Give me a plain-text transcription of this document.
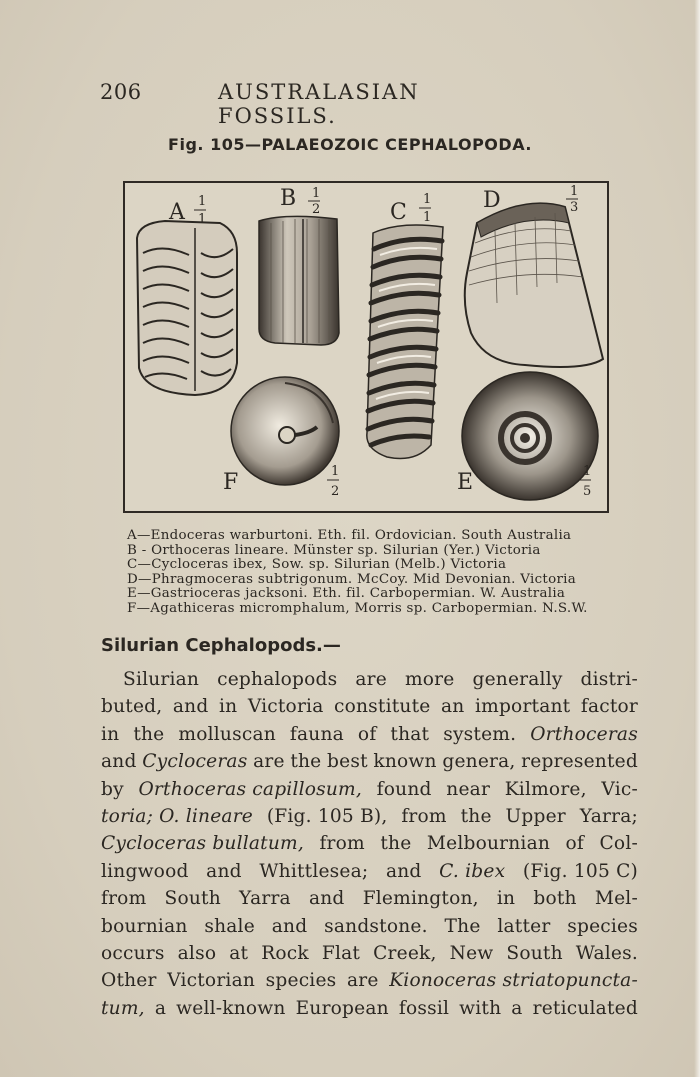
206	AUSTRALASIAN FOSSILS.
Fig. 105—PALAEOZOIC CEPHALOPODA.
A 1
1
B 1
2	C
1
1
D	1
3
F	1
2	E	1
5
A—Endoceras warburtoni. Eth. fil. Ordovician. South Australia
B - Orthoceras lineare. Münster sp. Silurian (Yer.) Victoria
C—Cycloceras ibex, Sow. sp. Silurian (Melb.) Victoria
D—Phragmoceras subtrigonum. McCoy. Mid Devonian. Victoria
E—Gastrioceras jacksoni. Eth. fil. Carbopermian. W. Australia
F—Agathiceras micromphalum, Morris sp. Carbopermian. N.S.W.
Silurian Cephalopods.—
Silurian cephalopods are more generally distri-
buted, and in Victoria constitute an important factor
in the molluscan fauna of that system. Orthoceras
and Cycloceras are the best known genera, represented
by Orthoceras capillosum, found near Kilmore, Vic-
toria; O. lineare (Fig. 105 B), from the Upper Yarra;
Cycloceras bullatum, from the Melbournian of Col-
lingwood and Whittlesea; and C. ibex (Fig. 105 C)
from South Yarra and Flemington, in both Mel-
bournian shale and sandstone. The latter species
occurs also at Rock Flat Creek, New South Wales.
Other Victorian species are Kionoceras striatopuncta-
tum, a well-known European fossil with a reticulated
